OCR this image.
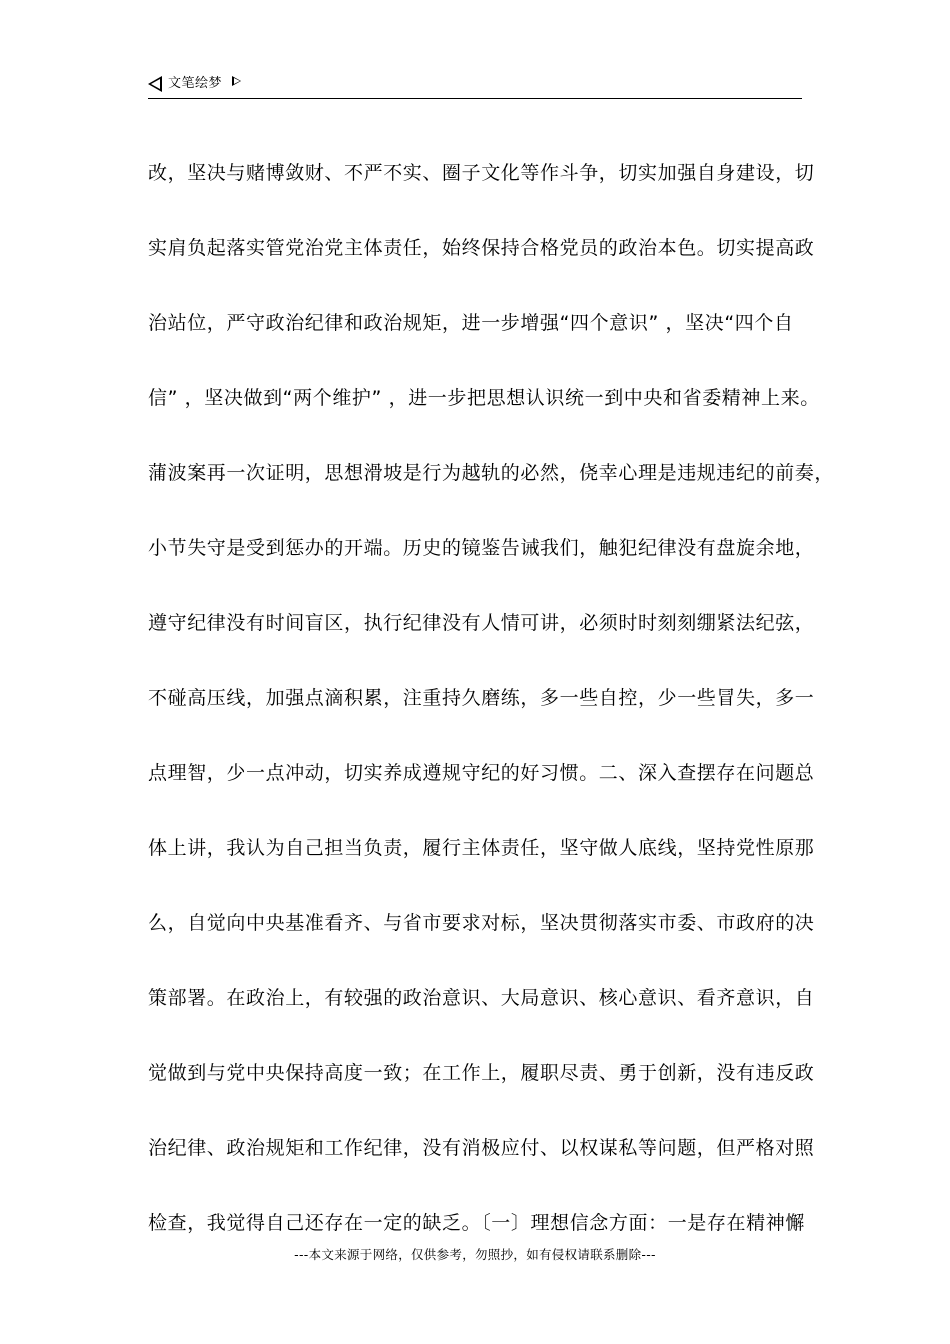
文笔绘梦
改，坚决与赌博敛财、不严不实、圈子文化等作斗争，切实加强自身建设，切
实肩负起落实管党治党主体责任，始终保持合格党员的政治本色。切实提高政
治站位，严守政治纪律和政治规矩，进一步增强“四个意识” ，坚决“四个自
信” ，坚决做到“两个维护” ，进一步把思想认识统一到中央和省委精神上来。
蒲波案再一次证明，思想滑坡是行为越轨的必然，侥幸心理是违规违纪的前奏，
小节失守是受到惩办的开端。历史的镜鉴告诫我们，触犯纪律没有盘旋余地，
遵守纪律没有时间盲区，执行纪律没有人情可讲，必须时时刻刻绷紧法纪弦，
不碰高压线，加强点滴积累，注重持久磨练，多一些自控，少一些冒失，多一
点理智，少一点冲动，切实养成遵规守纪的好习惯。二、深入查摆存在问题总
体上讲，我认为自己担当负责，履行主体责任，坚守做人底线，坚持党性原那
么，自觉向中央基准看齐、与省市要求对标，坚决贯彻落实市委、市政府的决
策部署。在政治上，有较强的政治意识、大局意识、核心意识、看齐意识，自
觉做到与党中央保持高度一致；在工作上，履职尽责、勇于创新，没有违反政
治纪律、政治规矩和工作纪律，没有消极应付、以权谋私等问题，但严格对照
检查，我觉得自己还存在一定的缺乏。〔一〕理想信念方面：一是存在精神懈
---本文来源于网络，仅供参考，勿照抄，如有侵权请联系删除---
